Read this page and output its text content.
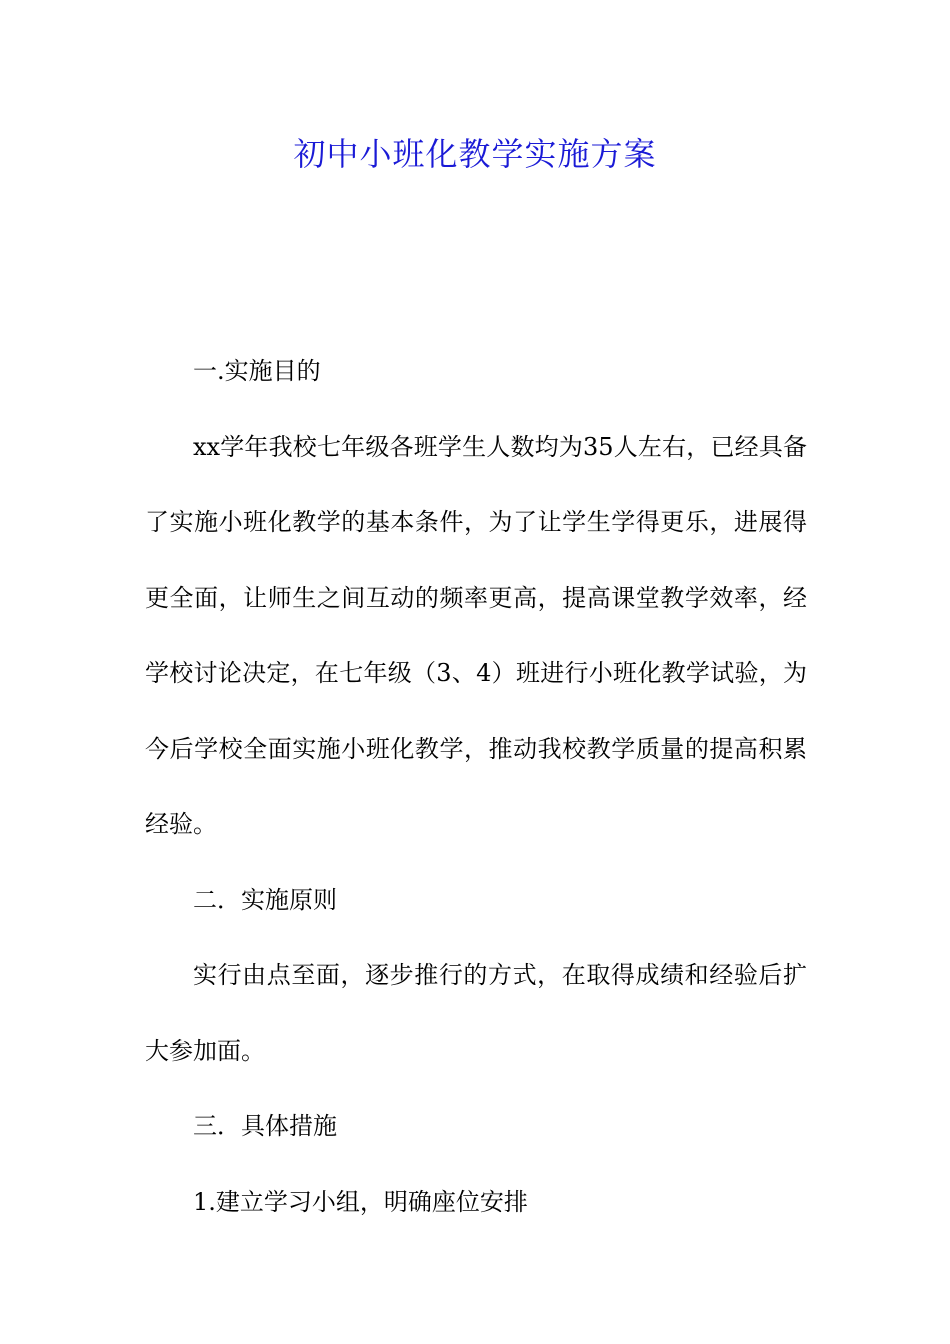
初中小班化教学实施方案

一.实施目的

xx学年我校七年级各班学生人数均为35人左右，已经具备了实施小班化教学的基本条件，为了让学生学得更乐，进展得更全面，让师生之间互动的频率更高，提高课堂教学效率，经学校讨论决定，在七年级（3、4）班进行小班化教学试验，为今后学校全面实施小班化教学，推动我校教学质量的提高积累经验。

二．实施原则

实行由点至面，逐步推行的方式，在取得成绩和经验后扩大参加面。

三．具体措施

1.建立学习小组，明确座位安排
